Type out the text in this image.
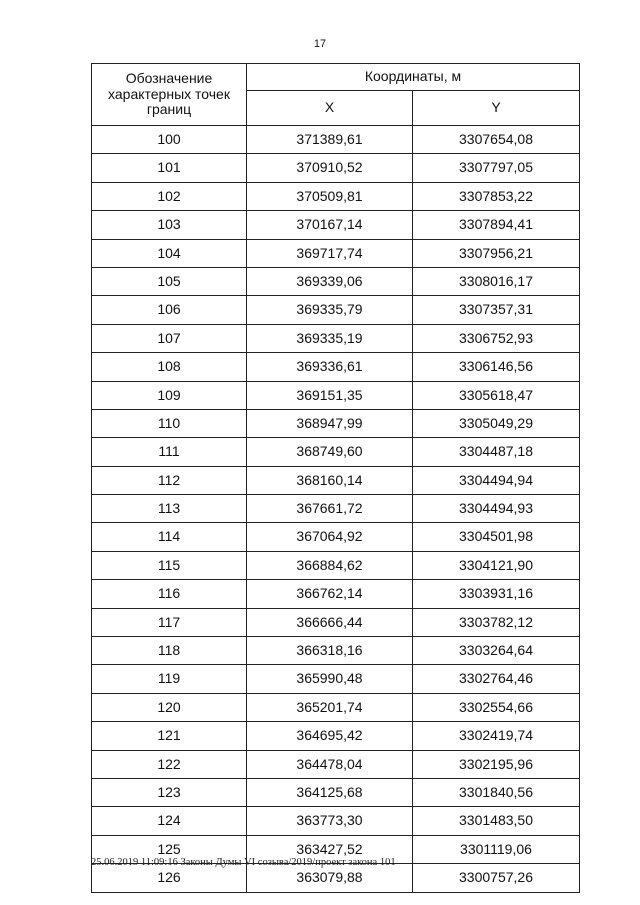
17
Обозначение характерных точек границ	Координаты, м	
	X	Y
100	371389,61	3307654,08
101	370910,52	3307797,05
102	370509,81	3307853,22
103	370167,14	3307894,41
104	369717,74	3307956,21
105	369339,06	3308016,17
106	369335,79	3307357,31
107	369335,19	3306752,93
108	369336,61	3306146,56
109	369151,35	3305618,47
110	368947,99	3305049,29
111	368749,60	3304487,18
112	368160,14	3304494,94
113	367661,72	3304494,93
114	367064,92	3304501,98
115	366884,62	3304121,90
116	366762,14	3303931,16
117	366666,44	3303782,12
118	366318,16	3303264,64
119	365990,48	3302764,46
120	365201,74	3302554,66
121	364695,42	3302419,74
122	364478,04	3302195,96
123	364125,68	3301840,56
124	363773,30	3301483,50
125	363427,52	3301119,06
126	363079,88	3300757,26
25.06.2019 11:09:16 Законы Думы VI созыва/2019/проект закона 101
